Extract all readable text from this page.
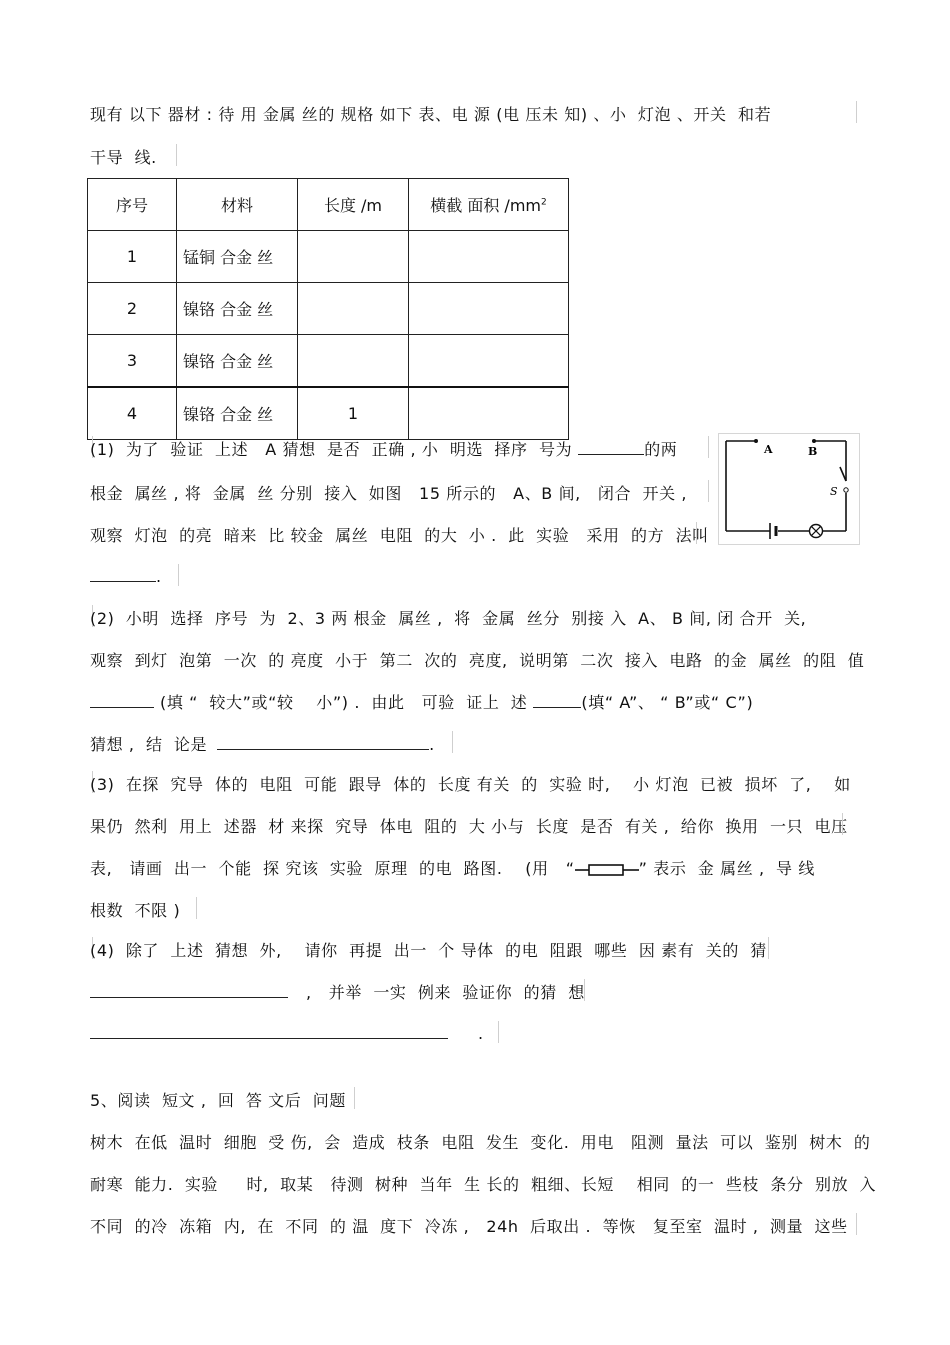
现有 以下 器材 : 待 用 金属 丝的 规格 如下 表、电 源 (电 压未 知) 、小  灯泡 、开关  和若
干导  线.
序号	材料	长度 /m	横截 面积 $/mm^2$
1	锰铜 合金 丝		
2	镍铬 合金 丝		
3	镍铬 合金 丝		
4	镍铬 合金 丝	1	
A	B
S
(1)  为了  验证  上述   A 猜想  是否  正确 , 小  明选  择序  号为	的两
根金  属丝 , 将  金属  丝 分别  接入  如图   15 所示的   A、B 间,   闭合  开关 ,
观察  灯泡  的亮  暗来  比 较金  属丝  电阻  的大  小 .  此  实验   采用  的方  法叫
.
(2)  小明  选择  序号  为  2、3 两 根金  属丝 ,  将  金属  丝分  别接 入  A、 B 间, 闭 合开  关,
观察  到灯  泡第  一次  的 亮度  小于  第二  次的  亮度,  说明第  二次  接入  电路  的金  属丝  的阻  值
(填 “  较大”或“较    小”) .  由此   可验  证上  述	(填“ A”、 “ B”或“ C”)
猜想 ,  结  论是	.
(3)  在探  究导  体的  电阻  可能  跟导  体的  长度 有关  的  实验 时,    小 灯泡  已被  损坏  了,    如
果仍  然利  用上  述器  材 来探  究导  体电  阻的  大 小与  长度  是否  有关 ,  给你  换用  一只  电压
表,   请画  出一  个能  探 究该  实验  原理  的电  路图.    (用   “	” 表示  金 属丝 ,  导 线
根数  不限 )
(4)  除了  上述  猜想  外,    请你  再提  出一  个 导体  的电  阻跟  哪些  因 素有  关的  猜
,   并举  一实  例来  验证你  的猜  想
.
5、阅读  短文 ,  回  答 文后  问题
树木  在低  温时  细胞  受 伤,  会  造成  枝条  电阻  发生  变化.  用电   阻测  量法  可以  鉴别  树木  的
耐寒  能力.  实验     时,  取某   待测  树种  当年  生 长的  粗细、长短    相同  的一  些枝  条分  别放  入
不同  的冷  冻箱  内,  在  不同  的 温  度下  冷冻 ,   24h  后取出 .  等恢   复至室  温时 ,  测量  这些
